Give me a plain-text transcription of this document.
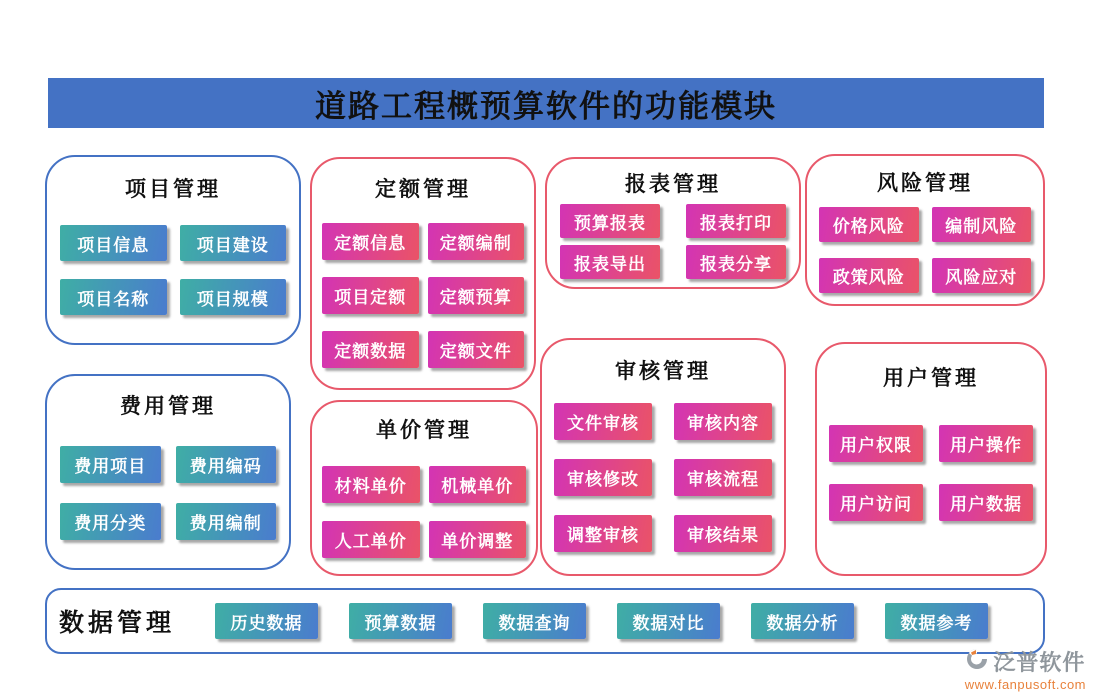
道路工程概预算软件的功能模块
项目管理
项目信息	项目建设
项目名称	项目规模
定额管理
定额信息	定额编制
项目定额	定额预算
定额数据	定额文件
报表管理
预算报表	报表打印
报表导出	报表分享
风险管理
价格风险	编制风险
政策风险	风险应对
费用管理
费用项目	费用编码
费用分类	费用编制
单价管理
材料单价	机械单价
人工单价	单价调整
审核管理
文件审核	审核内容
审核修改	审核流程
调整审核	审核结果
用户管理
用户权限	用户操作
用户访问	用户数据
数据管理	历史数据	预算数据	数据查询	数据对比	数据分析	数据参考
泛普软件
www.fanpusoft.com
